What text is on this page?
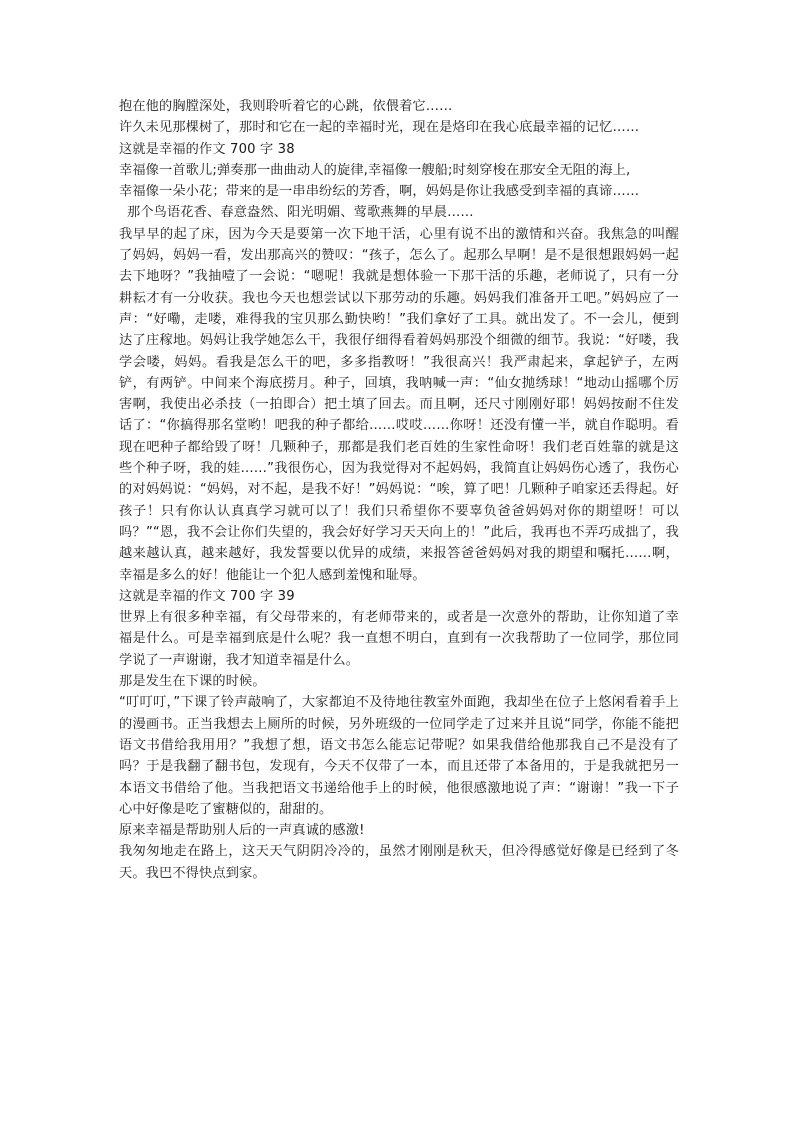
抱在他的胸膛深处，我则聆听着它的心跳，依偎着它……

许久未见那棵树了，那时和它在一起的幸福时光，现在是烙印在我心底最幸福的记忆……

这就是幸福的作文 700 字 38

幸福像一首歌儿;弹奏那一曲曲动人的旋律,幸福像一艘船;时刻穿梭在那安全无阻的海上,

幸福像一朵小花；带来的是一串串纷纭的芳香，啊，妈妈是你让我感受到幸福的真谛……

那个鸟语花香、春意盎然、阳光明媚、莺歌燕舞的早晨……

我早早的起了床，因为今天是要第一次下地干活，心里有说不出的激情和兴奋。我焦急的叫醒了妈妈，妈妈一看，发出那高兴的赞叹：“孩子，怎么了。起那么早啊！是不是很想跟妈妈一起去下地呀？”我抽噎了一会说：“嗯呢！我就是想体验一下那干活的乐趣，老师说了，只有一分耕耘才有一分收获。我也今天也想尝试以下那劳动的乐趣。妈妈我们准备开工吧。”妈妈应了一声：“好嘞，走喽，难得我的宝贝那么勤快哟！”我们拿好了工具。就出发了。不一会儿，便到达了庄稼地。妈妈让我学她怎么干，我很仔细得看着妈妈那没个细微的细节。我说：“好喽，我学会喽，妈妈。看我是怎么干的吧，多多指教呀！”我很高兴！我严肃起来，拿起铲子，左两铲，有两铲。中间来个海底捞月。种子，回填，我呐喊一声：“仙女抛绣球！“地动山摇哪个厉害啊，我使出必杀技（一拍即合）把土填了回去。而且啊，还尺寸刚刚好耶！妈妈按耐不住发话了：“你搞得那名堂哟！吧我的种子都给……哎哎……你呀！还没有懂一半，就自作聪明。看现在吧种子都给毁了呀！几颗种子，那都是我们老百姓的生家性命呀！我们老百姓靠的就是这些个种子呀，我的娃……”我很伤心，因为我觉得对不起妈妈，我简直让妈妈伤心透了，我伤心的对妈妈说：“妈妈，对不起，是我不好！”妈妈说：“唉，算了吧！几颗种子咱家还丢得起。好孩子！只有你认认真真学习就可以了！我们只希望你不要辜负爸爸妈妈对你的期望呀！可以吗？”“恩，我不会让你们失望的，我会好好学习天天向上的！”此后，我再也不弄巧成拙了，我越来越认真，越来越好，我发誓要以优异的成绩，来报答爸爸妈妈对我的期望和嘱托……啊，幸福是多么的好！他能让一个犯人感到羞愧和耻辱。

这就是幸福的作文 700 字 39

世界上有很多种幸福，有父母带来的，有老师带来的，或者是一次意外的帮助，让你知道了幸福是什么。可是幸福到底是什么呢？我一直想不明白，直到有一次我帮助了一位同学，那位同学说了一声谢谢，我才知道幸福是什么。

那是发生在下课的时候。

“叮叮叮，”下课了铃声敲响了，大家都迫不及待地往教室外面跑，我却坐在位子上悠闲看着手上的漫画书。正当我想去上厕所的时候，另外班级的一位同学走了过来并且说“同学，你能不能把语文书借给我用用？”我想了想，语文书怎么能忘记带呢？如果我借给他那我自己不是没有了吗？于是我翻了翻书包，发现有，今天不仅带了一本，而且还带了本备用的，于是我就把另一本语文书借给了他。当我把语文书递给他手上的时候，他很感激地说了声：“谢谢！”我一下子心中好像是吃了蜜糖似的，甜甜的。

原来幸福是帮助别人后的一声真诚的感激!

我匆匆地走在路上，这天天气阴阴冷冷的，虽然才刚刚是秋天，但冷得感觉好像是已经到了冬天。我巴不得快点到家。
